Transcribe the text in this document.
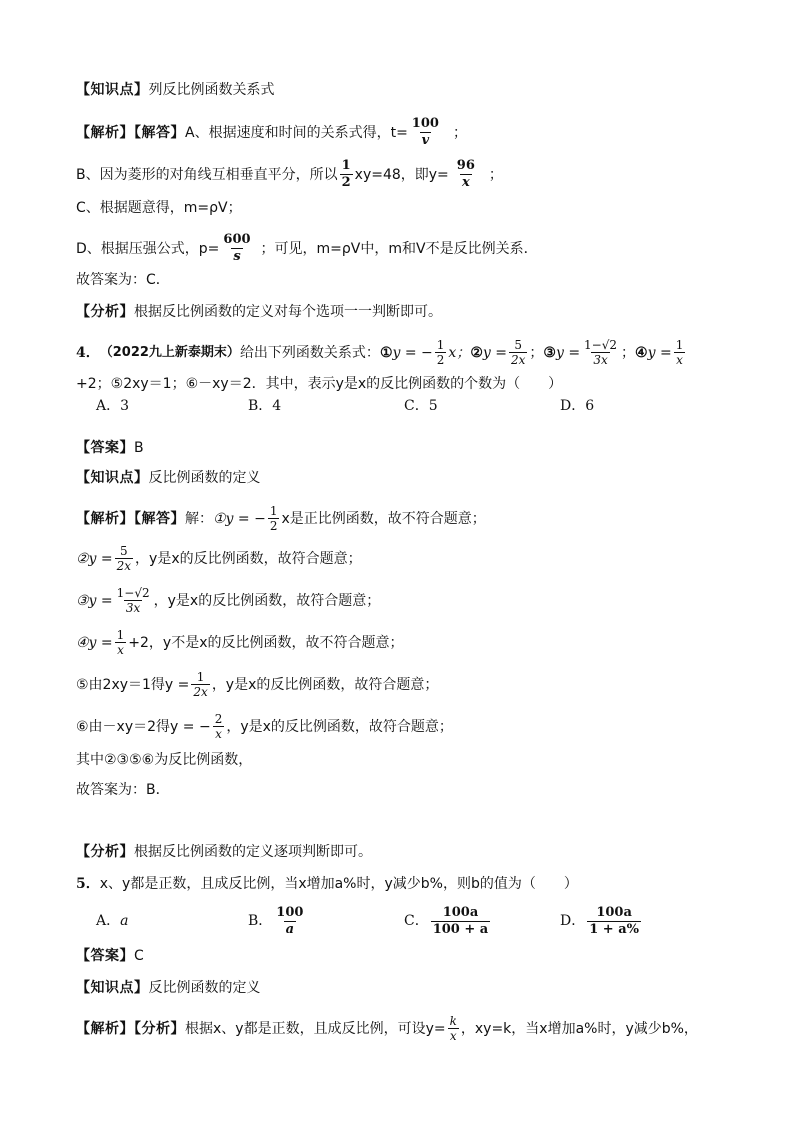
【知识点】 列反比例函数关系式
【解析】【解答】 A、根据速度和时间的关系式得，$t= \frac{100}{v}$ ；
B、因为菱形的对角线互相垂直平分，所以 $\frac{1}{2} xy=48$，即$y= \frac{96}{x}$ ；
C、根据题意得，m=ρV；
D、根据压强公式，$p= \frac{600}{s}$ ；可见，m=ρV中，m和V不是反比例关系．
故答案为：C．
【分析】 根据反比例函数的定义对每个选项一一判断即可。
4． （2022九上新泰期末） 给出下列函数关系式： ① y = − $\frac{1}{2}$ x； ② $y = \frac{5}{2x}$ ； ③ $y = \frac{1-√2}{3x}$ ； ④ $y = \frac{1}{x}$
+2；⑤2xy＝1；⑥－xy＝2．其中，表示y是x的反比例函数的个数为（　　）
A． 3	B． 4	C． 5	D． 6
【答案】 B
【知识点】 反比例函数的定义
【解析】【解答】 解： ①y = − $\frac{1}{2}$ x是正比例函数，故不符合题意；
②y = $\frac{5}{2x}$ ，y是x的反比例函数，故符合题意；
③y = $\frac{1-√2}{3x}$ ，y是x的反比例函数，故符合题意；
④y = $\frac{1}{x} +2$，y不是x的反比例函数，故不符合题意；
⑤由2xy＝1得$y = \frac{1}{2x}$ ，y是x的反比例函数，故符合题意；
⑥由－xy＝2得y = − $\frac{2}{x}$ ，y是x的反比例函数，故符合题意；
其中②③⑤⑥为反比例函数，
故答案为：B．
【分析】 根据反比例函数的定义逐项判断即可。
5． x、y都是正数，且成反比例，当x增加a%时，y减少b%，则b的值为（　　）
A． a	B． $\frac{100}{a}$	C． $\frac{100a}{100 + a}$	D． $\frac{100a}{1 + a\%}$
【答案】 C
【知识点】 反比例函数的定义
【解析】【分析】 根据x、y都是正数，且成反比例，可设$y= \frac{k}{x}$ ，xy=k，当x增加a%时，y减少b%，
